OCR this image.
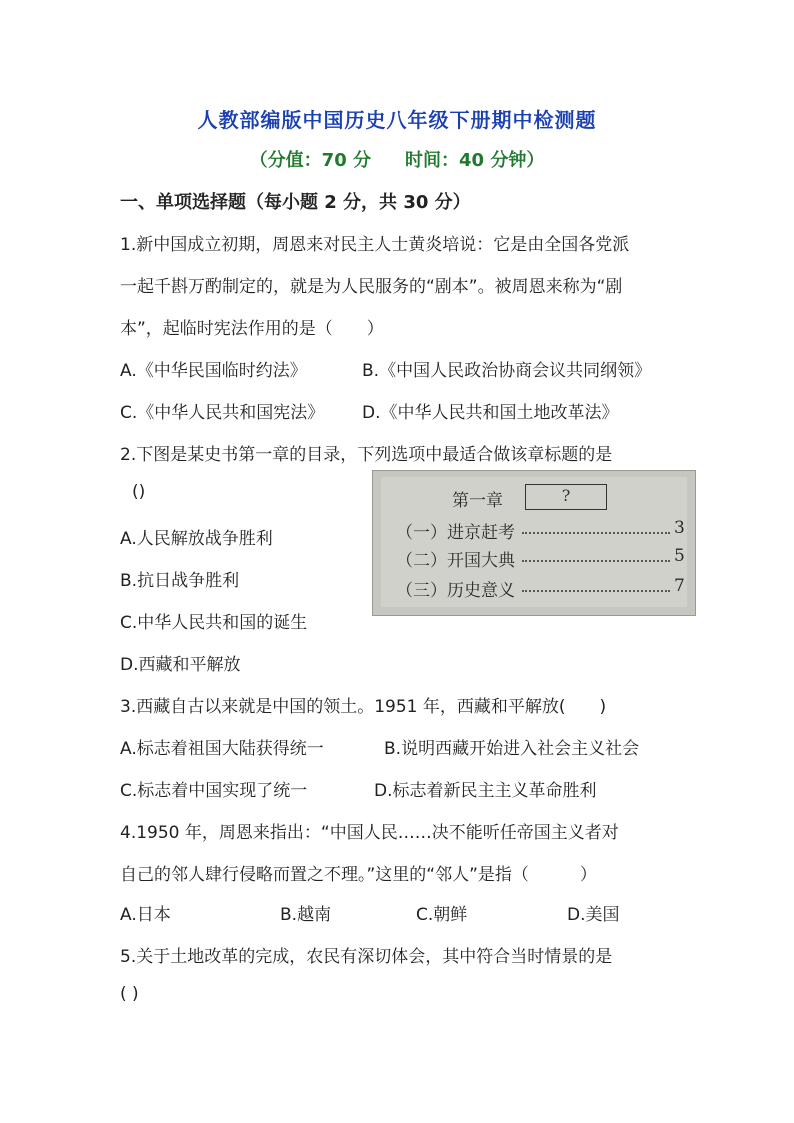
人教部编版中国历史八年级下册期中检测题
（分值：70 分 时间：40 分钟）
一、单项选择题（每小题 2 分，共 30 分）
1.新中国成立初期，周恩来对民主人士黄炎培说：它是由全国各党派
一起千斟万酌制定的，就是为人民服务的“剧本”。被周恩来称为“剧
本”，起临时宪法作用的是（　　）
A.《中华民国临时约法》	B.《中国人民政治协商会议共同纲领》
C.《中华人民共和国宪法》 D.《中华人民共和国土地改革法》
2.下图是某史书第一章的目录，下列选项中最适合做该章标题的是
()
A.人民解放战争胜利
B.抗日战争胜利
C.中华人民共和国的诞生
D.西藏和平解放
第一章	?
（一）进京赶考	3
（二）开国大典	5
（三）历史意义	7
3.西藏自古以来就是中国的领土。1951 年，西藏和平解放(　　)
A.标志着祖国大陆获得统一	B.说明西藏开始进入社会主义社会
C.标志着中国实现了统一	D.标志着新民主主义革命胜利
4.1950 年，周恩来指出：“中国人民……决不能听任帝国主义者对
自己的邻人肆行侵略而置之不理。”这里的“邻人”是指（　　　）
A.日本	B.越南	C.朝鲜	D.美国
5.关于土地改革的完成，农民有深切体会，其中符合当时情景的是
( )
